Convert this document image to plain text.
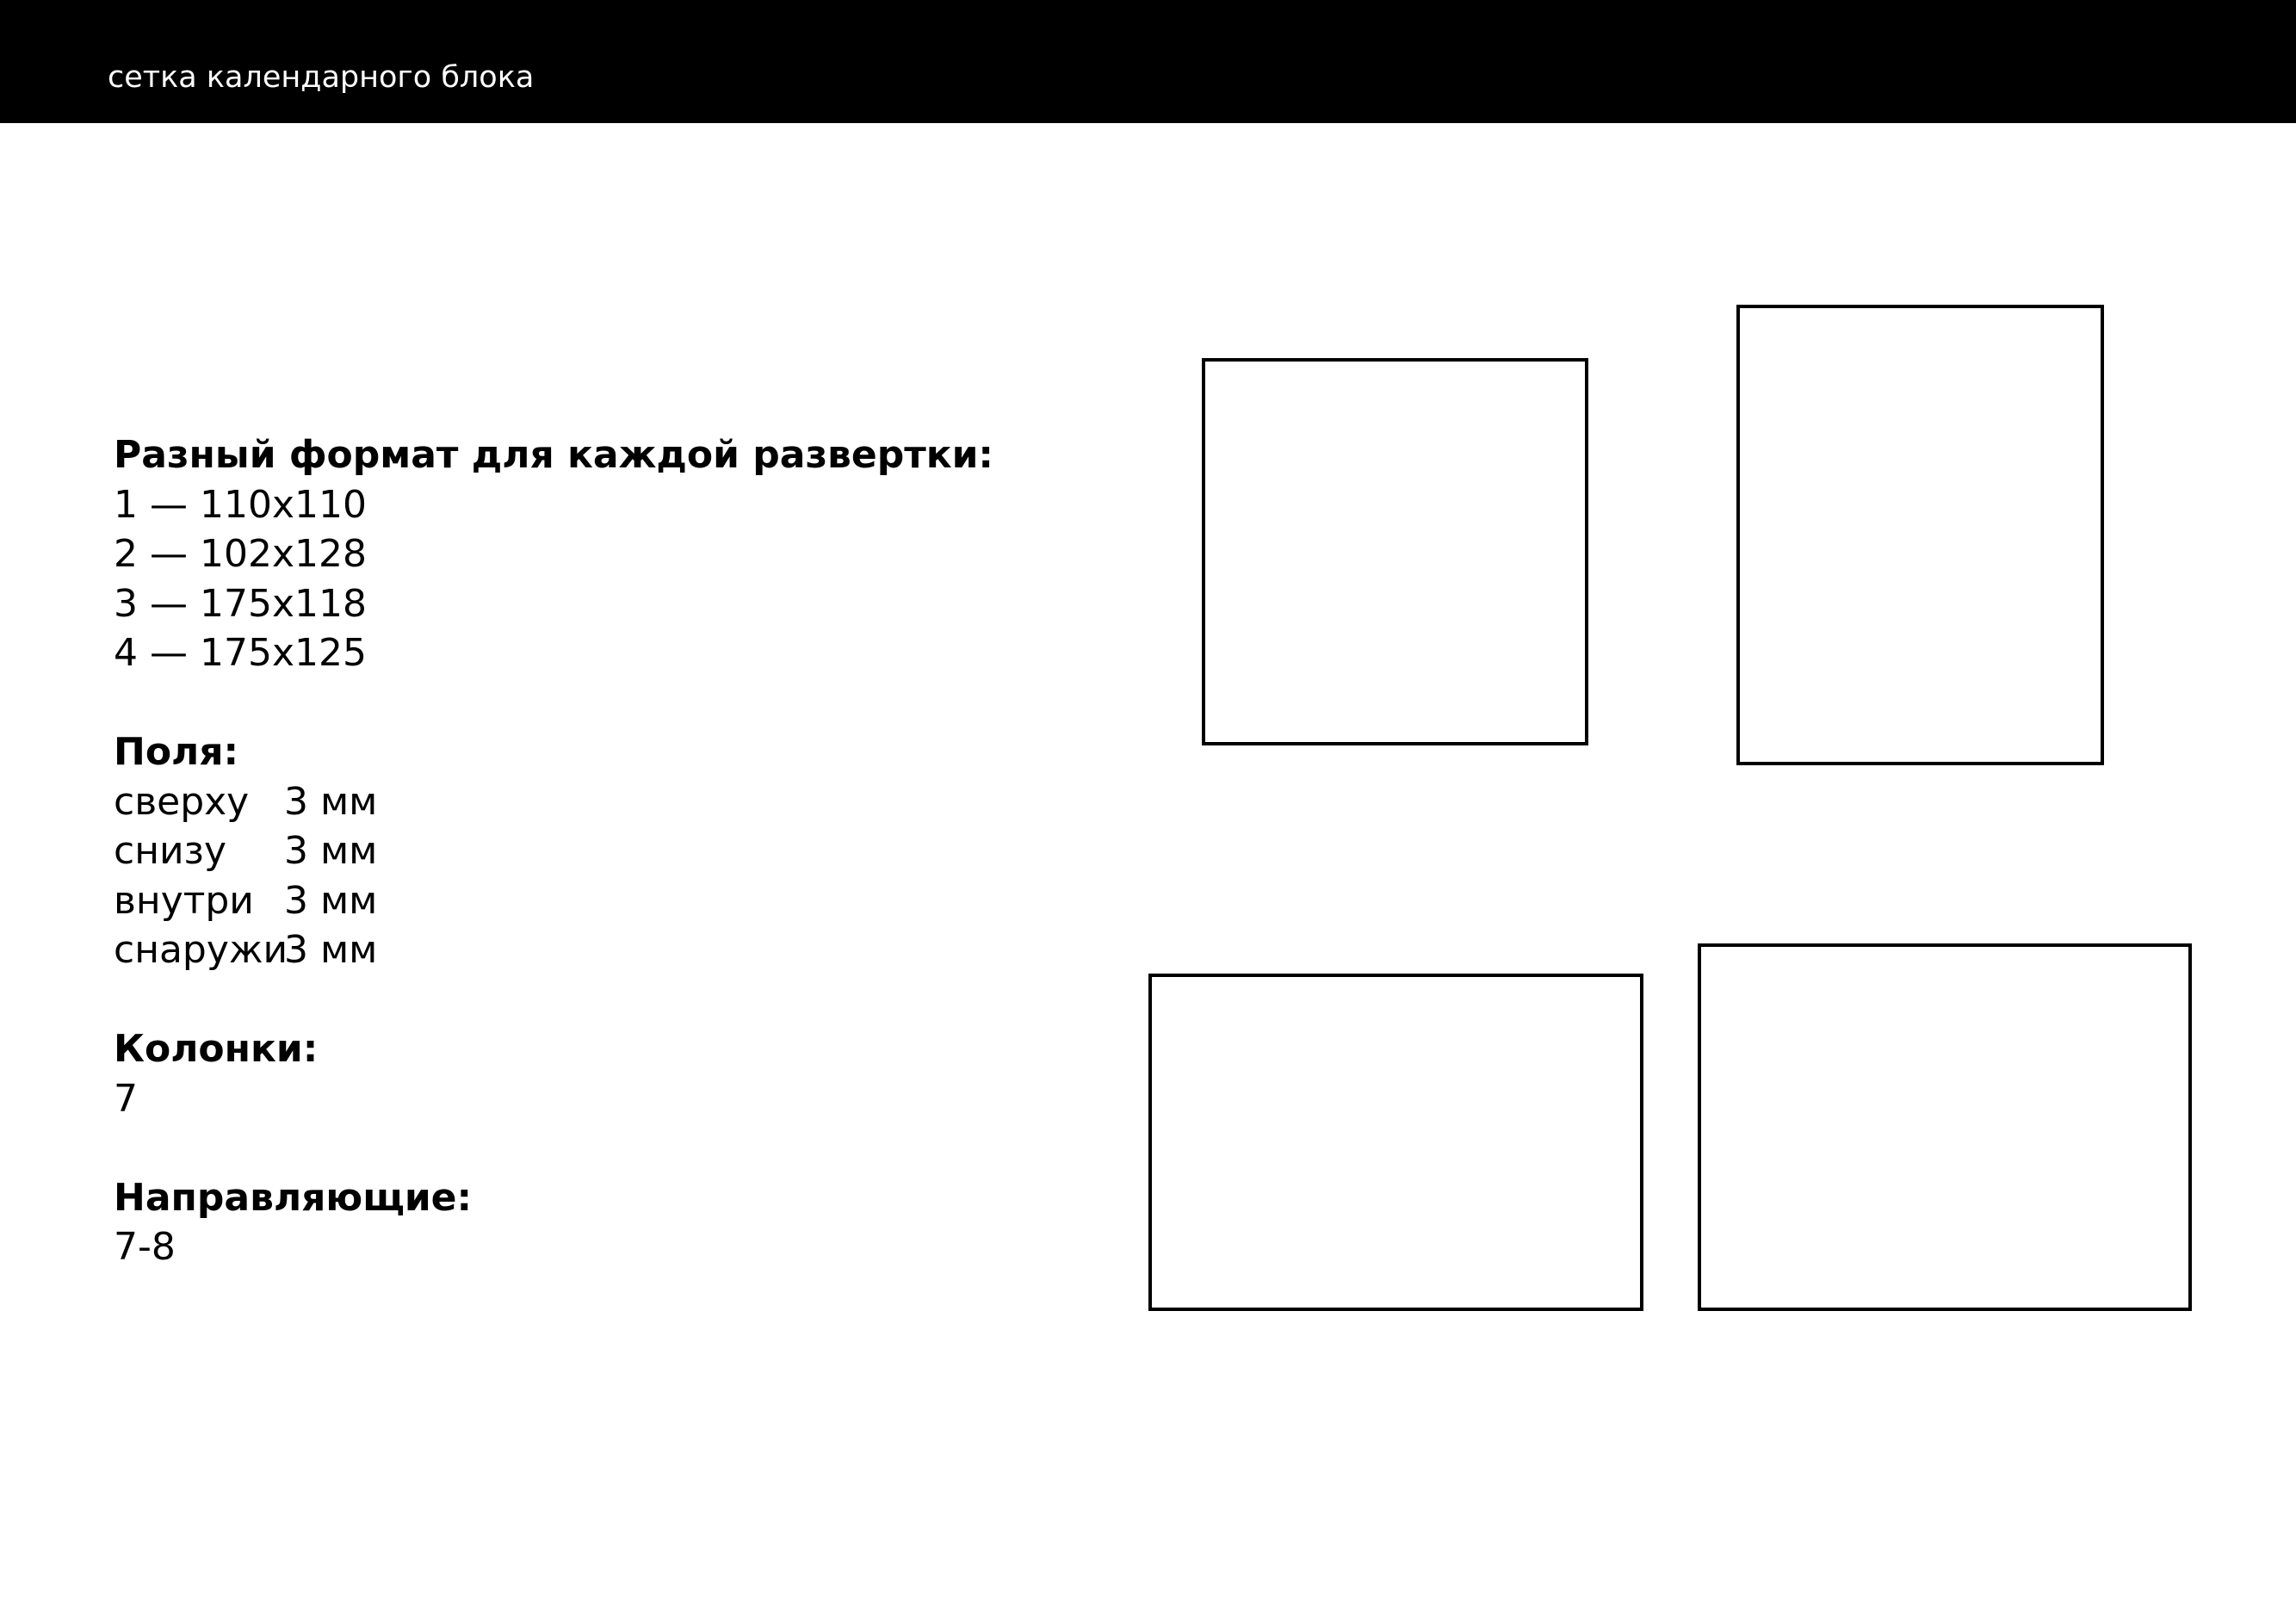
сетка календарного блока
Разный формат для каждой развертки:
1 — 110x110
2 — 102x128
3 — 175x118
4 — 175x125
Поля:
сверху 3 мм
снизу	3 мм
внутри 3 мм
снаружи
3 мм
Колонки:
7
Направляющие:
7-8
